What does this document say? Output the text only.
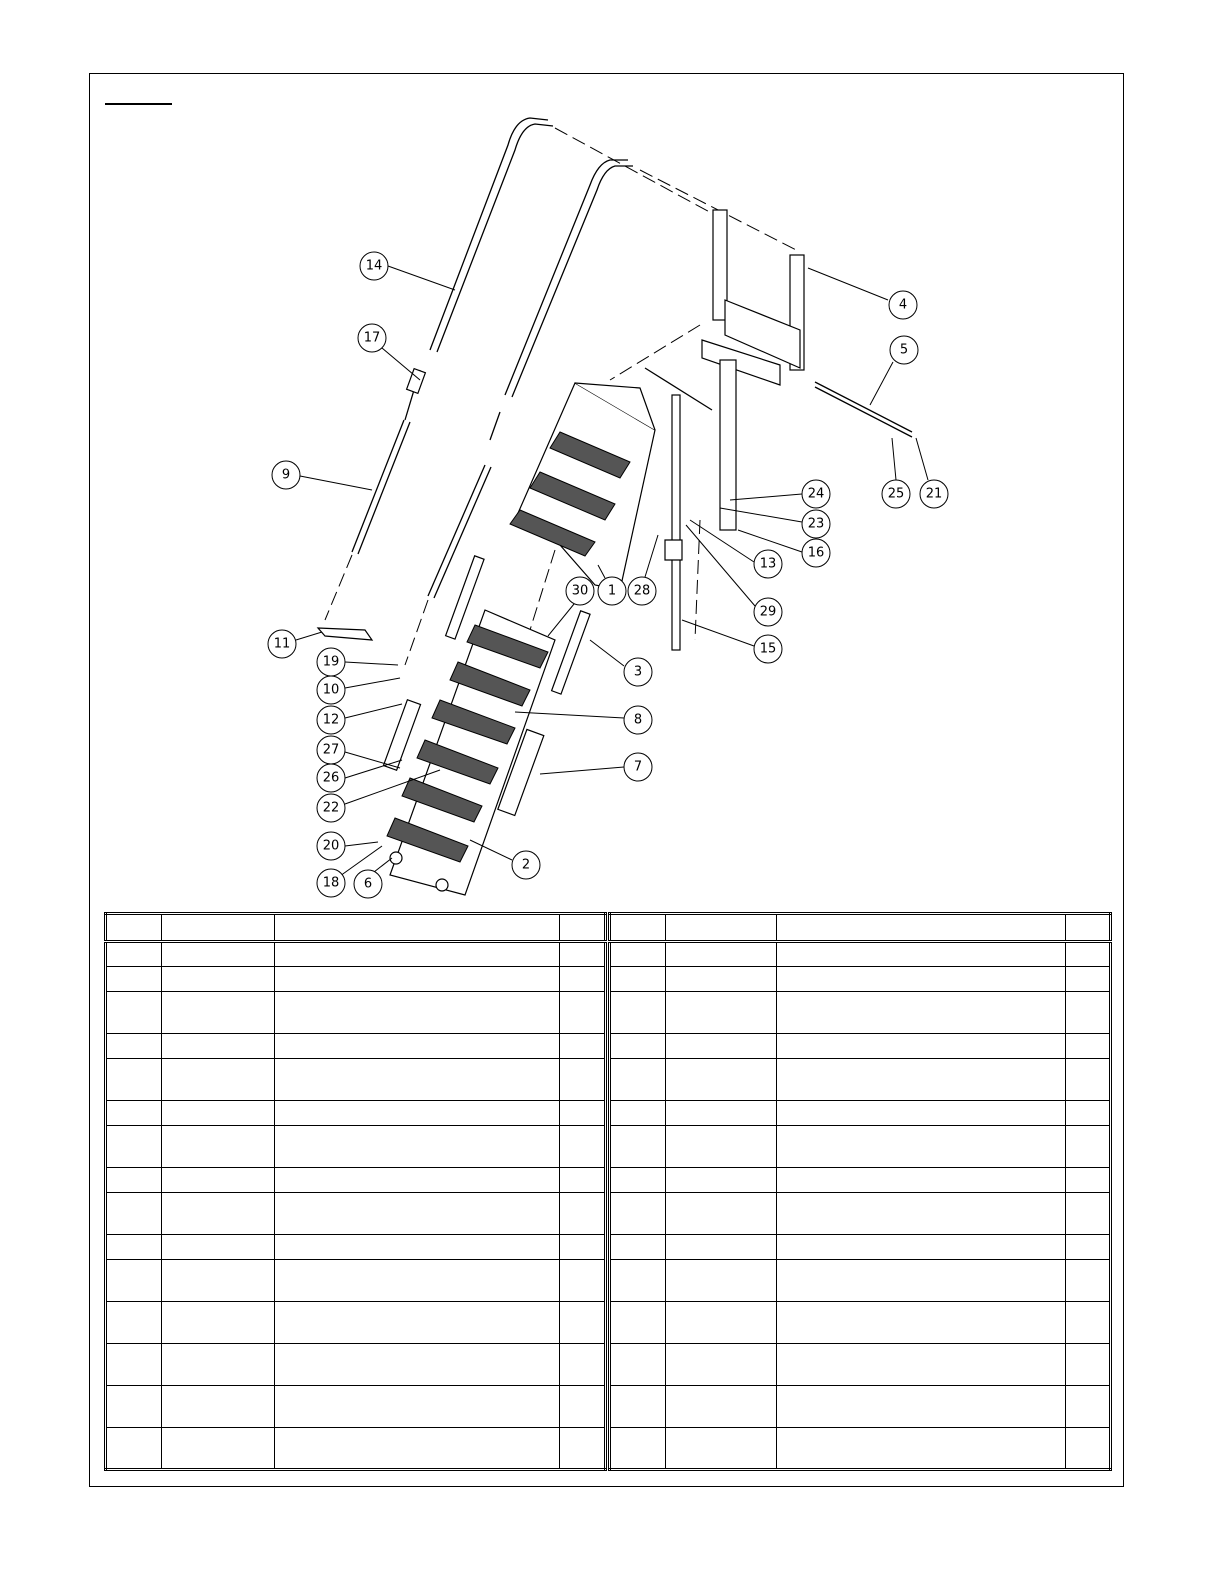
14
17
9
11
19
10
12
27
26
22
20
18 6
2
4
5
25 21
24
23
16
13
29
15
1 28
30
3
8
7
